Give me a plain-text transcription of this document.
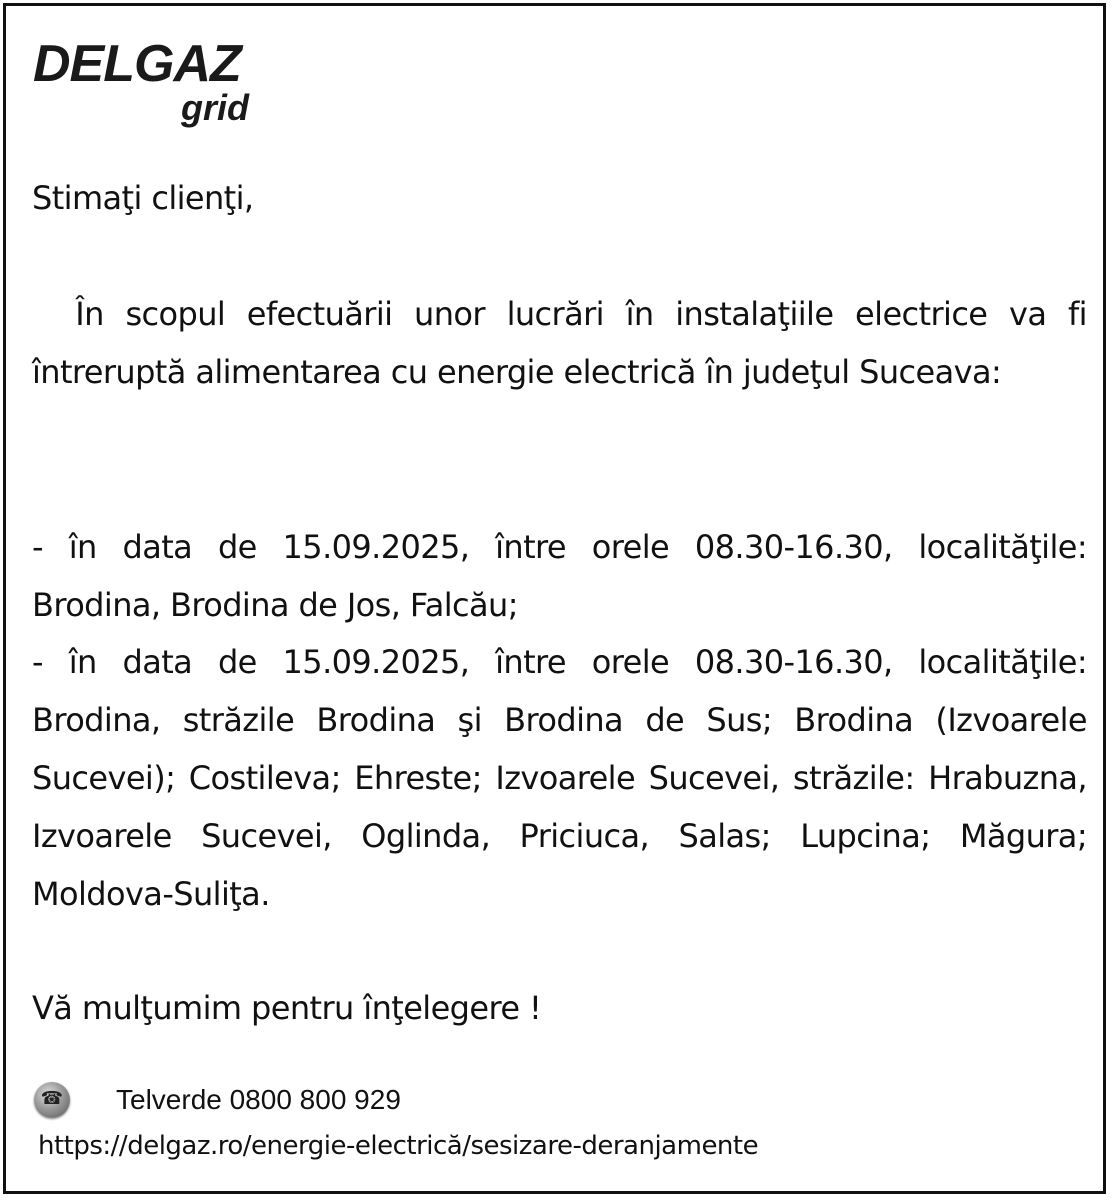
DELGAZ
grid
Stimaţi clienţi,
În scopul efectuării unor lucrări în instalaţiile electrice va fi întreruptă alimentarea cu energie electrică în judeţul Suceava:
- în data de 15.09.2025, între orele 08.30-16.30, localităţile: Brodina, Brodina de Jos, Falcău;
- în data de 15.09.2025, între orele 08.30-16.30, localităţile: Brodina, străzile Brodina şi Brodina de Sus; Brodina (Izvoarele Sucevei); Costileva; Ehreste; Izvoarele Sucevei, străzile: Hrabuzna, Izvoarele Sucevei, Oglinda, Priciuca, Salas; Lupcina; Măgura; Moldova-Suliţa.
Vă mulţumim pentru înţelegere !
☎ Telverde 0800 800 929
https://delgaz.ro/energie-electrică/sesizare-deranjamente
